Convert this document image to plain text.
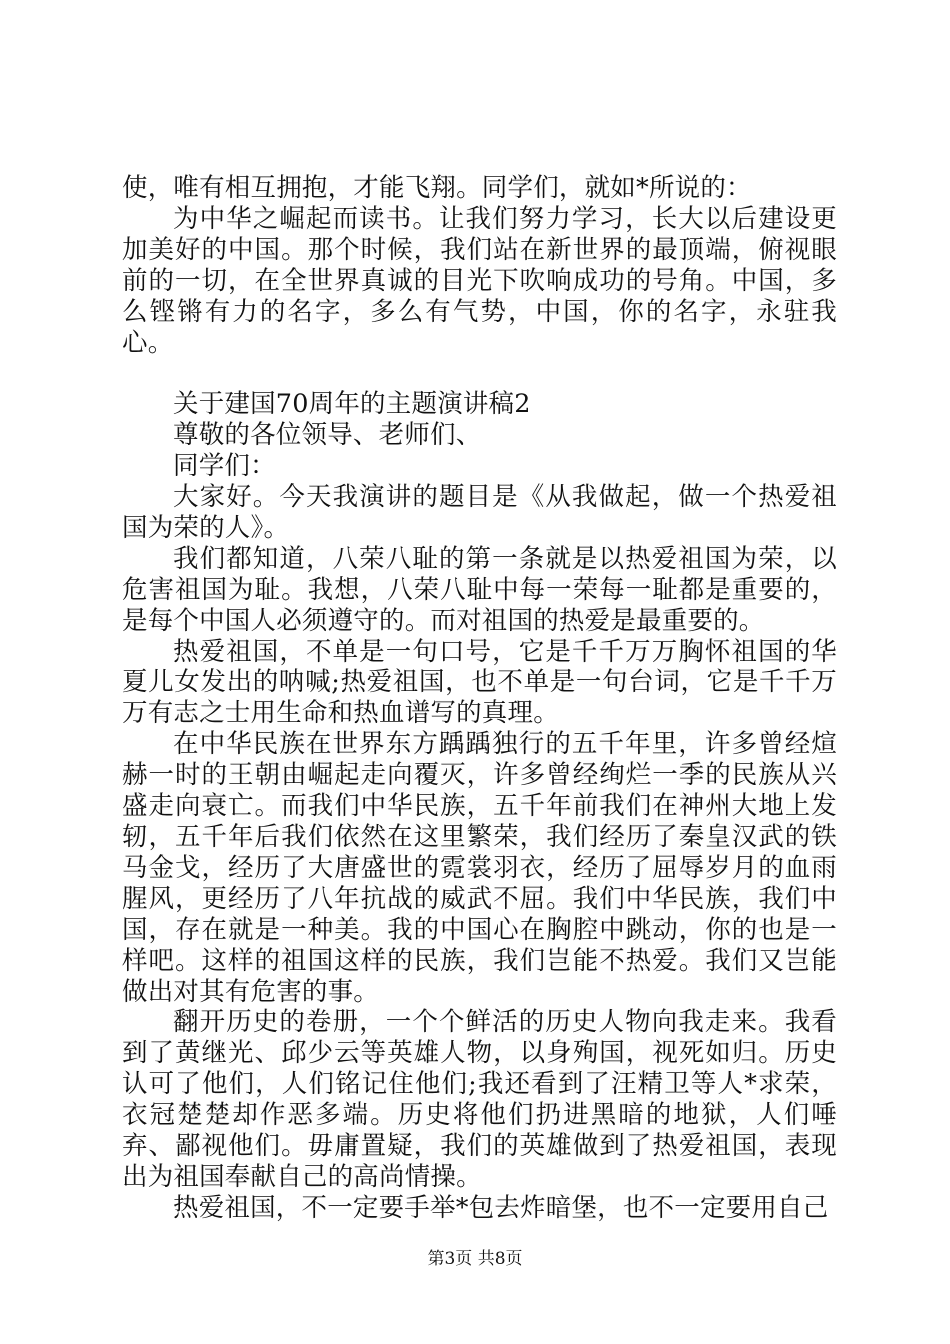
使，唯有相互拥抱，才能飞翔。同学们，就如*所说的：

为中华之崛起而读书。让我们努力学习，长大以后建设更加美好的中国。那个时候，我们站在新世界的最顶端，俯视眼前的一切，在全世界真诚的目光下吹响成功的号角。中国，多么铿锵有力的名字，多么有气势，中国，你的名字，永驻我心。

关于建国70周年的主题演讲稿2

尊敬的各位领导、老师们、

同学们：

大家好。今天我演讲的题目是《从我做起，做一个热爱祖国为荣的人》。

我们都知道，八荣八耻的第一条就是以热爱祖国为荣，以危害祖国为耻。我想，八荣八耻中每一荣每一耻都是重要的，是每个中国人必须遵守的。而对祖国的热爱是最重要的。

热爱祖国，不单是一句口号，它是千千万万胸怀祖国的华夏儿女发出的呐喊;热爱祖国，也不单是一句台词，它是千千万万有志之士用生命和热血谱写的真理。

在中华民族在世界东方踽踽独行的五千年里，许多曾经煊赫一时的王朝由崛起走向覆灭，许多曾经绚烂一季的民族从兴盛走向衰亡。而我们中华民族，五千年前我们在神州大地上发轫，五千年后我们依然在这里繁荣，我们经历了秦皇汉武的铁马金戈，经历了大唐盛世的霓裳羽衣，经历了屈辱岁月的血雨腥风，更经历了八年抗战的威武不屈。我们中华民族，我们中国，存在就是一种美。我的中国心在胸腔中跳动，你的也是一样吧。这样的祖国这样的民族，我们岂能不热爱。我们又岂能做出对其有危害的事。

翻开历史的卷册，一个个鲜活的历史人物向我走来。我看到了黄继光、邱少云等英雄人物，以身殉国，视死如归。历史认可了他们，人们铭记住他们;我还看到了汪精卫等人*求荣，衣冠楚楚却作恶多端。历史将他们扔进黑暗的地狱，人们唾弃、鄙视他们。毋庸置疑，我们的英雄做到了热爱祖国，表现出为祖国奉献自己的高尚情操。

热爱祖国，不一定要手举*包去炸暗堡，也不一定要用自己

第3页 共8页
